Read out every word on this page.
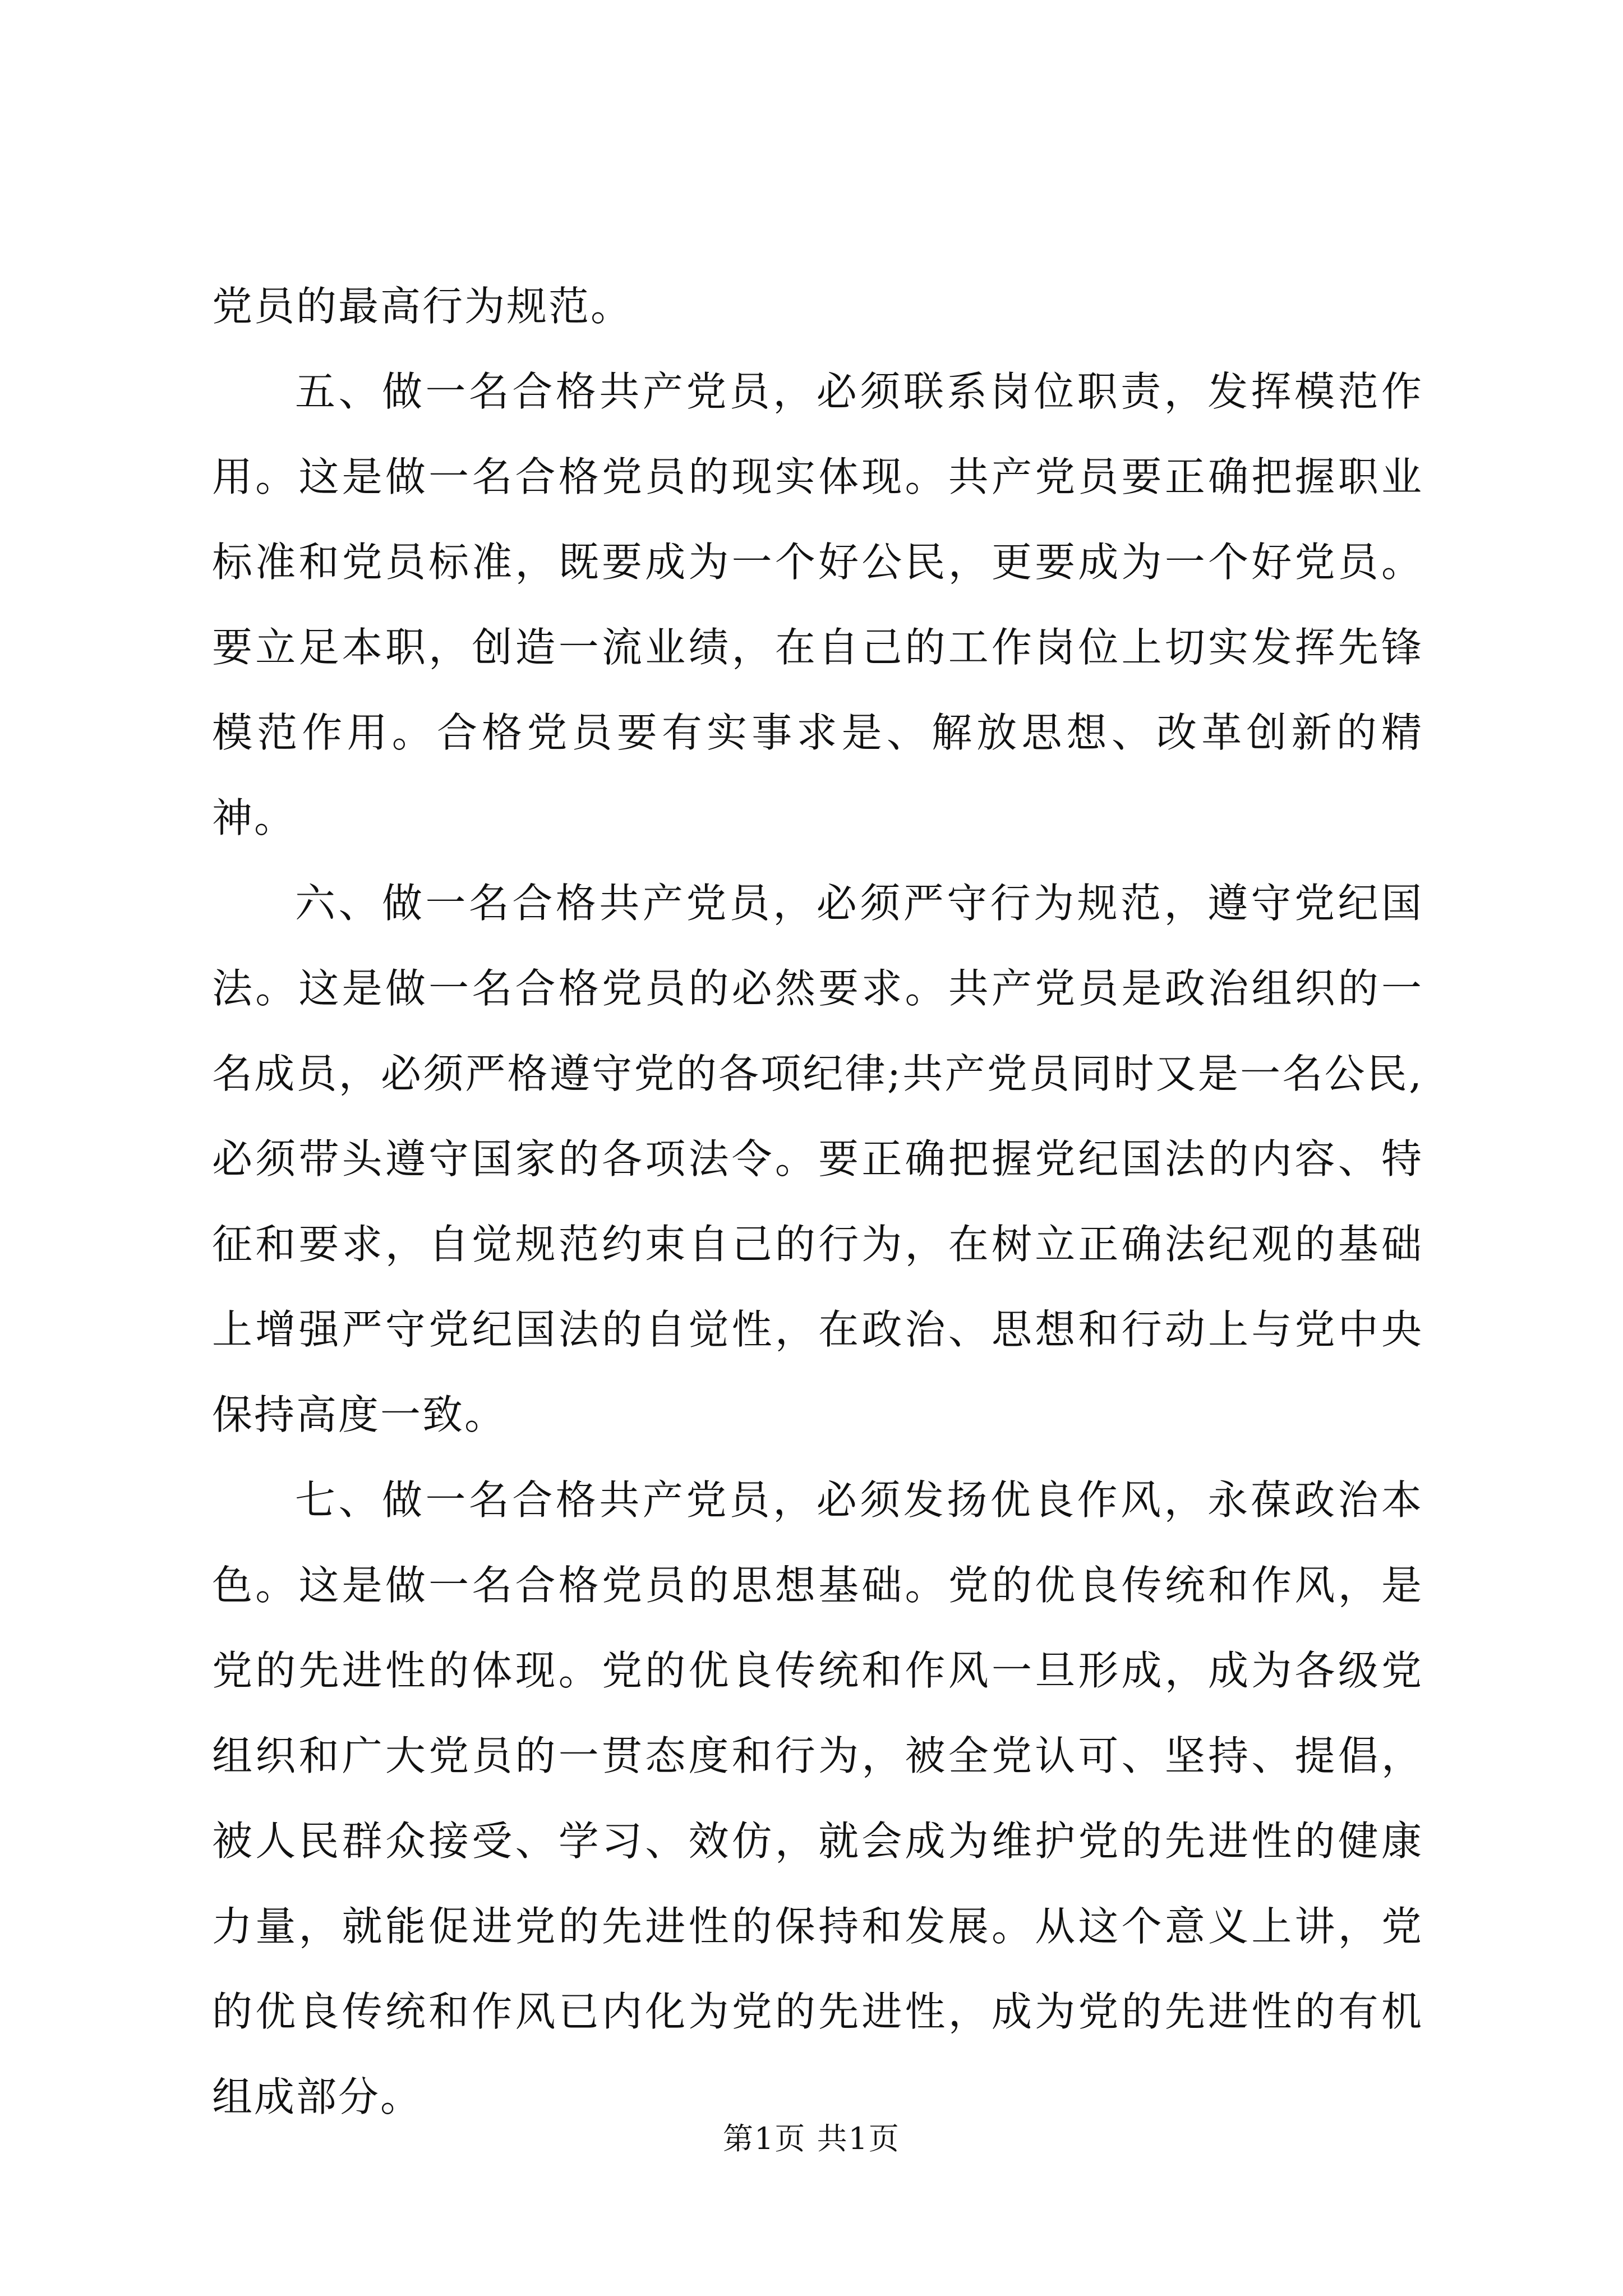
党员的最高行为规范。

五、做一名合格共产党员，必须联系岗位职责，发挥模范作用。这是做一名合格党员的现实体现。共产党员要正确把握职业标准和党员标准，既要成为一个好公民，更要成为一个好党员。要立足本职，创造一流业绩，在自己的工作岗位上切实发挥先锋模范作用。合格党员要有实事求是、解放思想、改革创新的精神。

六、做一名合格共产党员，必须严守行为规范，遵守党纪国法。这是做一名合格党员的必然要求。共产党员是政治组织的一名成员，必须严格遵守党的各项纪律;共产党员同时又是一名公民,必须带头遵守国家的各项法令。要正确把握党纪国法的内容、特征和要求，自觉规范约束自己的行为，在树立正确法纪观的基础上增强严守党纪国法的自觉性，在政治、思想和行动上与党中央保持高度一致。

七、做一名合格共产党员，必须发扬优良作风，永葆政治本色。这是做一名合格党员的思想基础。党的优良传统和作风，是党的先进性的体现。党的优良传统和作风一旦形成，成为各级党组织和广大党员的一贯态度和行为，被全党认可、坚持、提倡，被人民群众接受、学习、效仿，就会成为维护党的先进性的健康力量，就能促进党的先进性的保持和发展。从这个意义上讲，党的优良传统和作风已内化为党的先进性，成为党的先进性的有机组成部分。

第1页 共1页
